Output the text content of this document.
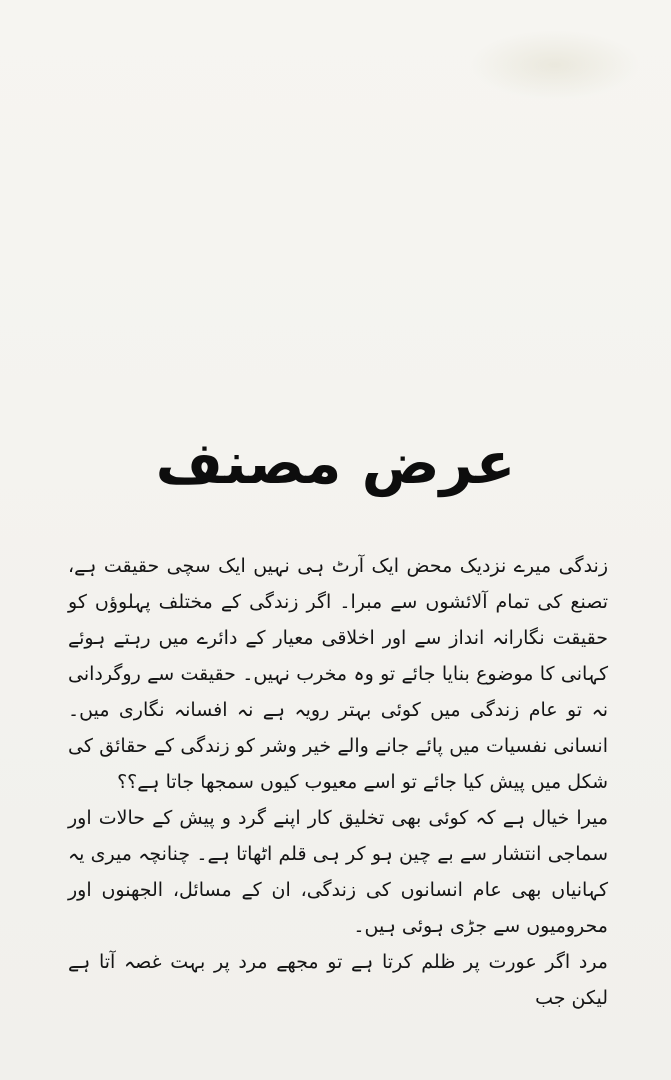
عرض مصنف

زندگی میرے نزدیک محض ایک آرٹ ہی نہیں ایک سچی حقیقت ہے، تصنع کی تمام آلائشوں سے مبرا۔ اگر زندگی کے مختلف پہلوؤں کو حقیقت نگارانہ انداز سے اور اخلاقی معیار کے دائرے میں رہتے ہوئے کہانی کا موضوع بنایا جائے تو وہ مخرب نہیں۔ حقیقت سے روگردانی نہ تو عام زندگی میں کوئی بہتر رویہ ہے نہ افسانہ نگاری میں۔ انسانی نفسیات میں پائے جانے والے خیر وشر کو زندگی کے حقائق کی شکل میں پیش کیا جائے تو اسے معیوب کیوں سمجھا جاتا ہے؟؟

میرا خیال ہے کہ کوئی بھی تخلیق کار اپنے گرد و پیش کے حالات اور سماجی انتشار سے بے چین ہو کر ہی قلم اٹھاتا ہے۔ چنانچہ میری یہ کہانیاں بھی عام انسانوں کی زندگی، ان کے مسائل، الجھنوں اور محرومیوں سے جڑی ہوئی ہیں۔

مرد اگر عورت پر ظلم کرتا ہے تو مجھے مرد پر بہت غصہ آتا ہے لیکن جب
